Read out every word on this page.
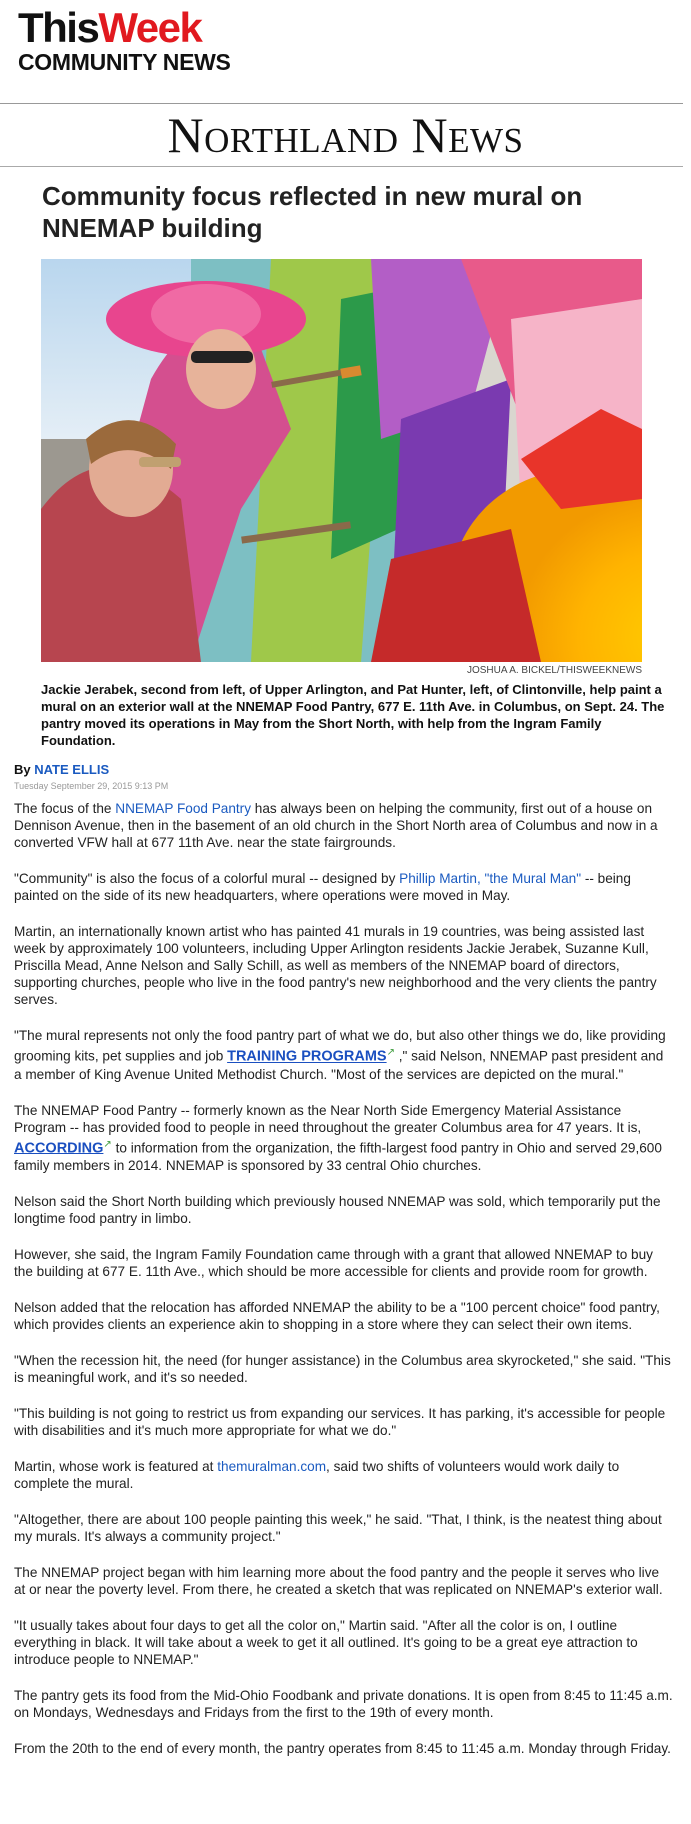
ThisWeek
COMMUNITY NEWS
Northland News
Community focus reflected in new mural on NNEMAP building
JOSHUA A. BICKEL/THISWEEKNEWS
Jackie Jerabek, second from left, of Upper Arlington, and Pat Hunter, left, of Clintonville, help paint a mural on an exterior wall at the NNEMAP Food Pantry, 677 E. 11th Ave. in Columbus, on Sept. 24. The pantry moved its operations in May from the Short North, with help from the Ingram Family Foundation.
By NATE ELLIS
Tuesday September 29, 2015 9:13 PM

The focus of the NNEMAP Food Pantry has always been on helping the community, first out of a house on Dennison Avenue, then in the basement of an old church in the Short North area of Columbus and now in a converted VFW hall at 677 11th Ave. near the state fairgrounds.

"Community" is also the focus of a colorful mural -- designed by Phillip Martin, "the Mural Man" -- being painted on the side of its new headquarters, where operations were moved in May.

Martin, an internationally known artist who has painted 41 murals in 19 countries, was being assisted last week by approximately 100 volunteers, including Upper Arlington residents Jackie Jerabek, Suzanne Kull, Priscilla Mead, Anne Nelson and Sally Schill, as well as members of the NNEMAP board of directors, supporting churches, people who live in the food pantry's new neighborhood and the very clients the pantry serves.

"The mural represents not only the food pantry part of what we do, but also other things we do, like providing grooming kits, pet supplies and job TRAINING PROGRAMS↗ ," said Nelson, NNEMAP past president and a member of King Avenue United Methodist Church. "Most of the services are depicted on the mural."

The NNEMAP Food Pantry -- formerly known as the Near North Side Emergency Material Assistance Program -- has provided food to people in need throughout the greater Columbus area for 47 years. It is, ACCORDING↗ to information from the organization, the fifth-largest food pantry in Ohio and served 29,600 family members in 2014. NNEMAP is sponsored by 33 central Ohio churches.

Nelson said the Short North building which previously housed NNEMAP was sold, which temporarily put the longtime food pantry in limbo.

However, she said, the Ingram Family Foundation came through with a grant that allowed NNEMAP to buy the building at 677 E. 11th Ave., which should be more accessible for clients and provide room for growth.

Nelson added that the relocation has afforded NNEMAP the ability to be a "100 percent choice" food pantry, which provides clients an experience akin to shopping in a store where they can select their own items.

"When the recession hit, the need (for hunger assistance) in the Columbus area skyrocketed," she said. "This is meaningful work, and it's so needed.

"This building is not going to restrict us from expanding our services. It has parking, it's accessible for people with disabilities and it's much more appropriate for what we do."

Martin, whose work is featured at themuralman.com, said two shifts of volunteers would work daily to complete the mural.

"Altogether, there are about 100 people painting this week," he said. "That, I think, is the neatest thing about my murals. It's always a community project."

The NNEMAP project began with him learning more about the food pantry and the people it serves who live at or near the poverty level. From there, he created a sketch that was replicated on NNEMAP's exterior wall.

"It usually takes about four days to get all the color on," Martin said. "After all the color is on, I outline everything in black. It will take about a week to get it all outlined. It's going to be a great eye attraction to introduce people to NNEMAP."

The pantry gets its food from the Mid-Ohio Foodbank and private donations. It is open from 8:45 to 11:45 a.m. on Mondays, Wednesdays and Fridays from the first to the 19th of every month.

From the 20th to the end of every month, the pantry operates from 8:45 to 11:45 a.m. Monday through Friday.
